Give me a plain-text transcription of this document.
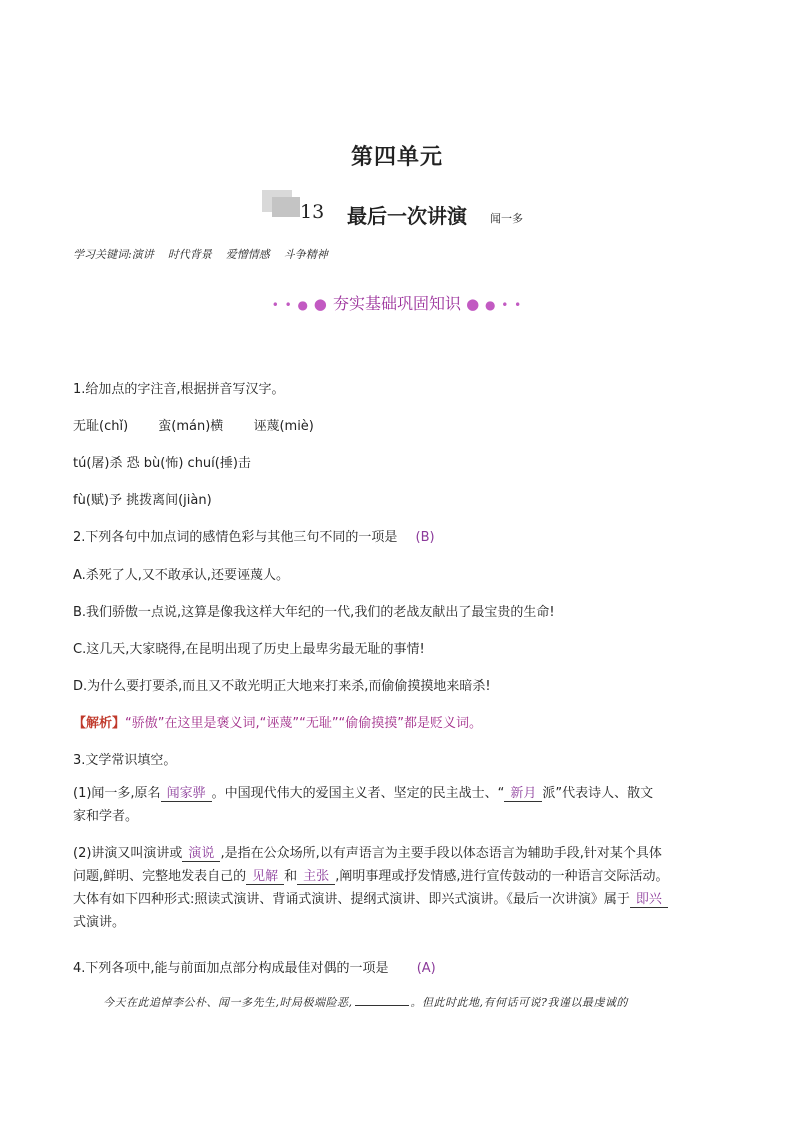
第四单元
13 最后一次讲演 闻一多
学习关键词:演讲 时代背景 爱憎情感 斗争精神
• • ● ● 夯实基础巩固知识 ● ● • •
1.给加点的字注音,根据拼音写汉字。
无耻(chǐ) 蛮(mán)横 诬蔑(miè)
tú(屠)杀 恐 bù(怖) chuí(捶)击
fù(赋)予 挑拨离间(jiàn)
2.下列各句中加点词的感情色彩与其他三句不同的一项是 (B)
A.杀死了人,又不敢承认,还要诬蔑人。
B.我们骄傲一点说,这算是像我这样大年纪的一代,我们的老战友献出了最宝贵的生命!
C.这几天,大家晓得,在昆明出现了历史上最卑劣最无耻的事情!
D.为什么要打要杀,而且又不敢光明正大地来打来杀,而偷偷摸摸地来暗杀!
【解析】“骄傲”在这里是褒义词,“诬蔑”“无耻”“偷偷摸摸”都是贬义词。
3.文学常识填空。
(1)闻一多,原名 闻家骅 。中国现代伟大的爱国主义者、坚定的民主战士、“ 新月 派”代表诗人、散文
家和学者。
(2)讲演又叫演讲或 演说 ,是指在公众场所,以有声语言为主要手段以体态语言为辅助手段,针对某个具体
问题,鲜明、完整地发表自己的 见解 和 主张 ,阐明事理或抒发情感,进行宣传鼓动的一种语言交际活动。
大体有如下四种形式:照读式演讲、背诵式演讲、提纲式演讲、即兴式演讲。《最后一次讲演》属于 即兴
式演讲。
4.下列各项中,能与前面加点部分构成最佳对偶的一项是 (A)
今天在此追悼李公朴、闻一多先生,时局极端险恶,	。但此时此地,有何话可说?我谨以最虔诚的
